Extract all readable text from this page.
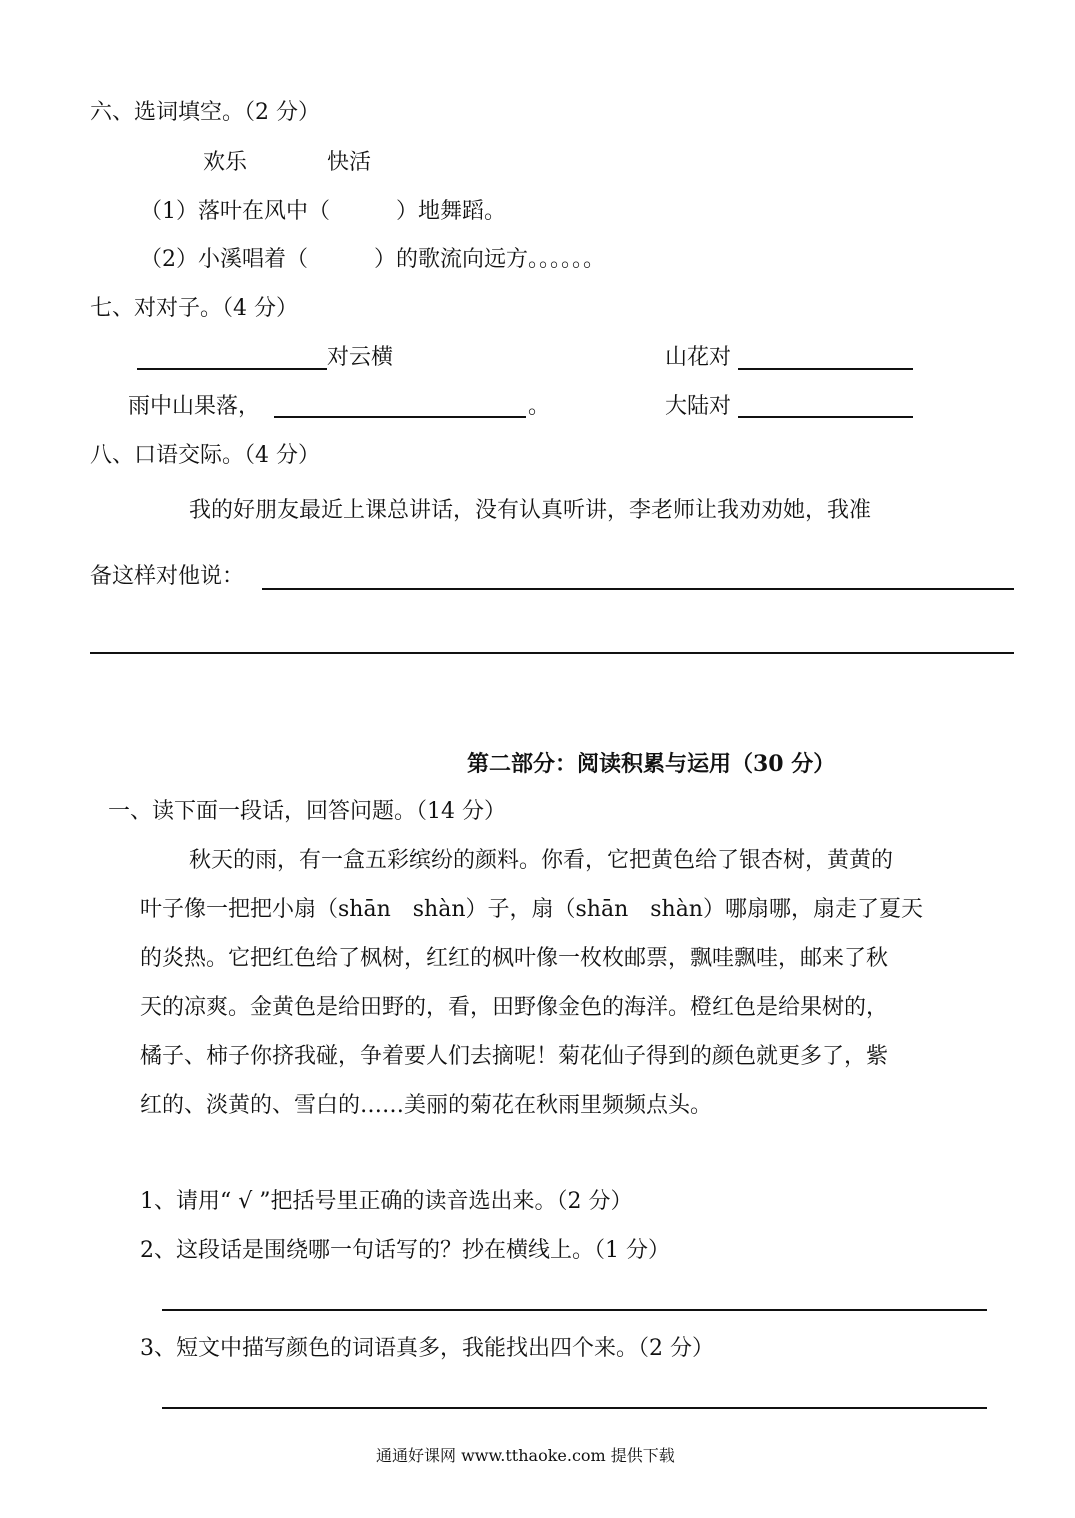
六、选词填空。（2 分）
欢乐	快活
（1）落叶在风中（　　　）地舞蹈。
（2）小溪唱着（　　　）的歌流向远方。。。。。。
七、对对子。（4 分）
对云横	山花对
雨中山果落，	。	大陆对
八、口语交际。（4 分）
我的好朋友最近上课总讲话，没有认真听讲，李老师让我劝劝她，我准
备这样对他说：
第二部分：阅读积累与运用（30 分）
一、读下面一段话，回答问题。（14 分）
秋天的雨，有一盒五彩缤纷的颜料。你看，它把黄色给了银杏树，黄黄的
叶子像一把把小扇（shān　shàn）子，扇（shān　shàn）哪扇哪，扇走了夏天
的炎热。它把红色给了枫树，红红的枫叶像一枚枚邮票，飘哇飘哇，邮来了秋
天的凉爽。金黄色是给田野的，看，田野像金色的海洋。橙红色是给果树的，
橘子、柿子你挤我碰，争着要人们去摘呢！菊花仙子得到的颜色就更多了，紫
红的、淡黄的、雪白的……美丽的菊花在秋雨里频频点头。
1、请用“ √ ”把括号里正确的读音选出来。（2 分）
2、这段话是围绕哪一句话写的？抄在横线上。（1 分）
3、短文中描写颜色的词语真多，我能找出四个来。（2 分）
通通好课网 www.tthaoke.com 提供下载
